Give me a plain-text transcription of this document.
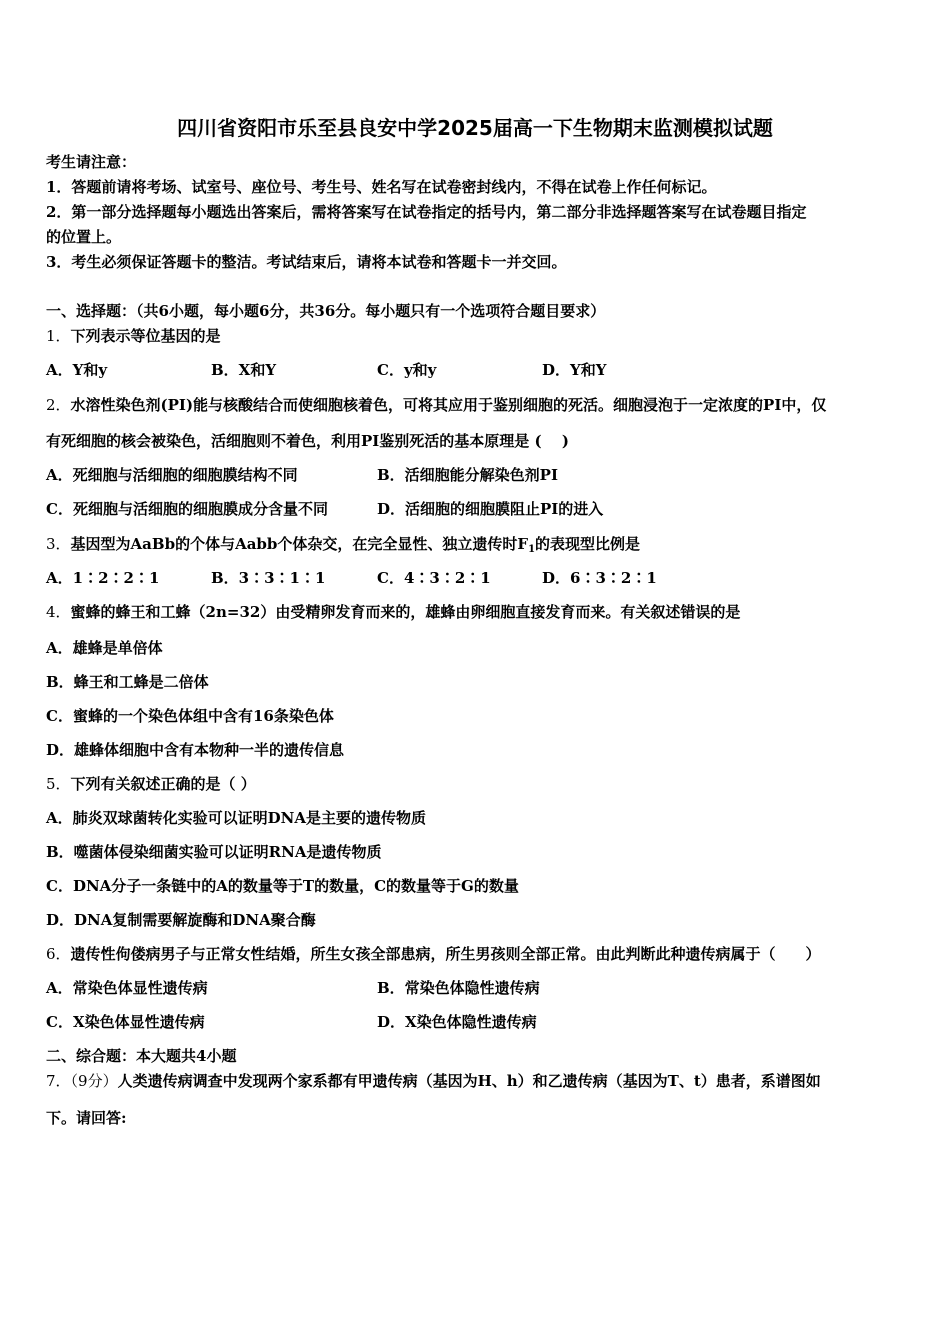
四川省资阳市乐至县良安中学2025届高一下生物期末监测模拟试题
考生请注意：
1．答题前请将考场、试室号、座位号、考生号、姓名写在试卷密封线内，不得在试卷上作任何标记。
2．第一部分选择题每小题选出答案后，需将答案写在试卷指定的括号内，第二部分非选择题答案写在试卷题目指定
的位置上。
3．考生必须保证答题卡的整洁。考试结束后，请将本试卷和答题卡一并交回。
一、选择题：（共6小题，每小题6分，共36分。每小题只有一个选项符合题目要求）
1．下列表示等位基因的是
A．Y和y	B．X和Y	C．y和y	D．Y和Y
2．水溶性染色剂(PI)能与核酸结合而使细胞核着色，可将其应用于鉴别细胞的死活。细胞浸泡于一定浓度的PI中，仅
有死细胞的核会被染色，活细胞则不着色，利用PI鉴别死活的基本原理是 (　 )
A．死细胞与活细胞的细胞膜结构不同	B．活细胞能分解染色剂PI
C．死细胞与活细胞的细胞膜成分含量不同	D．活细胞的细胞膜阻止PI的进入
3．基因型为AaBb的个体与Aabb个体杂交，在完全显性、独立遗传时$F_1$的表现型比例是
A．1∶2∶2∶1	B．3∶3∶1∶1	C．4∶3∶2∶1	D．6∶3∶2∶1
4．蜜蜂的蜂王和工蜂（2n=32）由受精卵发育而来的，雄蜂由卵细胞直接发育而来。有关叙述错误的是
A．雄蜂是单倍体
B．蜂王和工蜂是二倍体
C．蜜蜂的一个染色体组中含有16条染色体
D．雄蜂体细胞中含有本物种一半的遗传信息
5．下列有关叙述正确的是（ ）
A．肺炎双球菌转化实验可以证明DNA是主要的遗传物质
B．噬菌体侵染细菌实验可以证明RNA是遗传物质
C．DNA分子一条链中的A的数量等于T的数量，C的数量等于G的数量
D．DNA复制需要解旋酶和DNA聚合酶
6．遗传性佝偻病男子与正常女性结婚，所生女孩全部患病，所生男孩则全部正常。由此判断此种遗传病属于（　　）
A．常染色体显性遗传病	B．常染色体隐性遗传病
C．X染色体显性遗传病	D．X染色体隐性遗传病
二、综合题：本大题共4小题
7．（9分）人类遗传病调查中发现两个家系都有甲遗传病（基因为H、h）和乙遗传病（基因为T、t）患者，系谱图如
下。请回答:
